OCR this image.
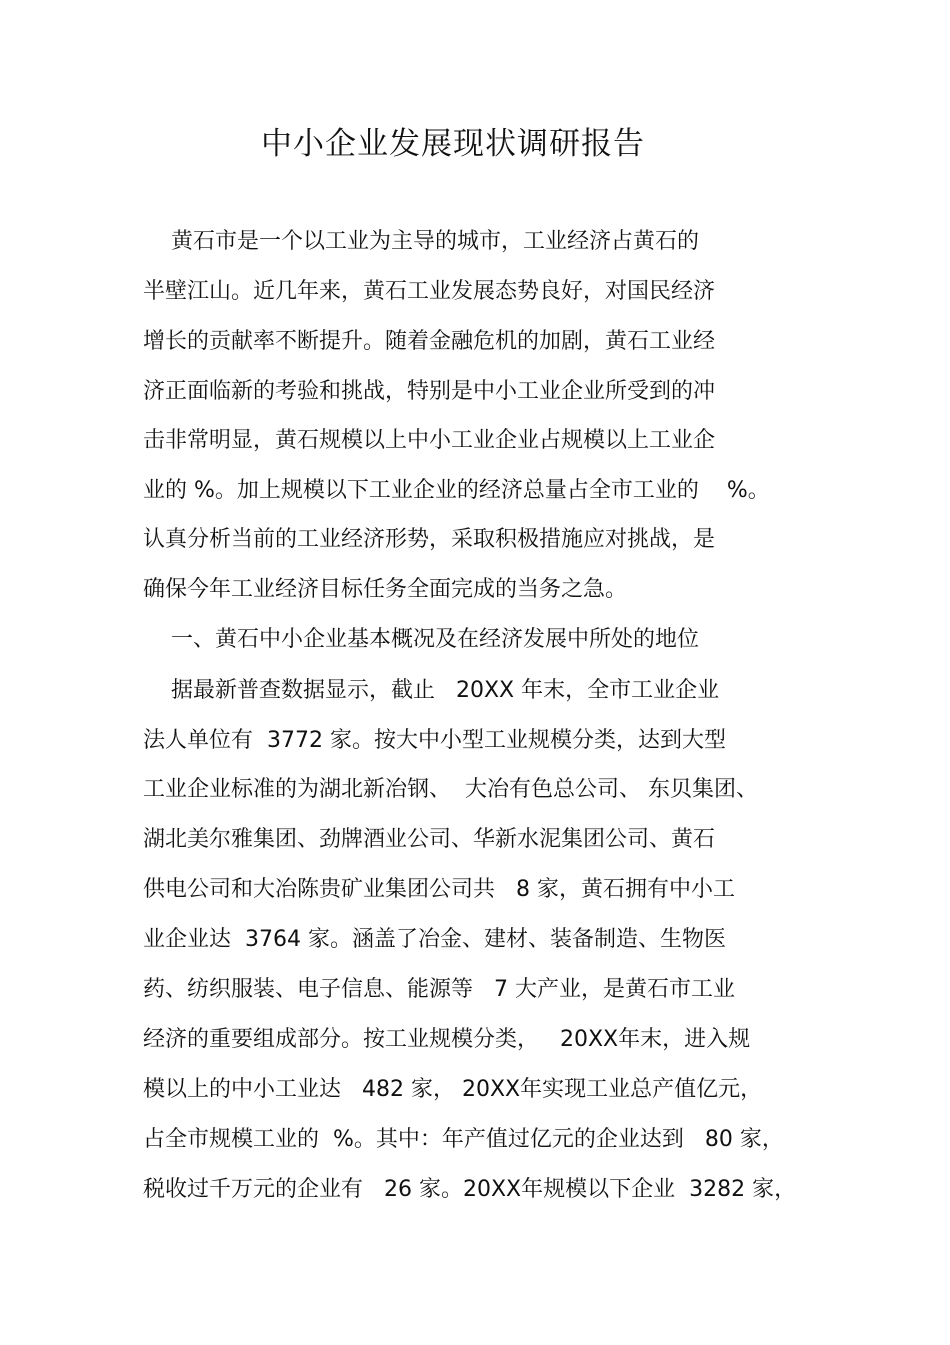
中小企业发展现状调研报告
黄石市是一个以工业为主导的城市，工业经济占黄石的
半壁江山。近几年来，黄石工业发展态势良好，对国民经济
增长的贡献率不断提升。随着金融危机的加剧，黄石工业经
济正面临新的考验和挑战，特别是中小工业企业所受到的冲
击非常明显，黄石规模以上中小工业企业占规模以上工业企
业的 %。加上规模以下工业企业的经济总量占全市工业的    %。
认真分析当前的工业经济形势，采取积极措施应对挑战，是
确保今年工业经济目标任务全面完成的当务之急。
一、黄石中小企业基本概况及在经济发展中所处的地位
据最新普查数据显示，截止   20XX 年末，全市工业企业
法人单位有  3772 家。按大中小型工业规模分类，达到大型
工业企业标准的为湖北新冶钢、  大冶有色总公司、 东贝集团、
湖北美尔雅集团、劲牌酒业公司、华新水泥集团公司、黄石
供电公司和大冶陈贵矿业集团公司共   8 家，黄石拥有中小工
业企业达  3764 家。涵盖了冶金、建材、装备制造、生物医
药、纺织服装、电子信息、能源等   7 大产业，是黄石市工业
经济的重要组成部分。按工业规模分类，   20XX年末，进入规
模以上的中小工业达   482 家， 20XX年实现工业总产值亿元，
占全市规模工业的  %。其中：年产值过亿元的企业达到   80 家，
税收过千万元的企业有   26 家。20XX年规模以下企业  3282 家，
